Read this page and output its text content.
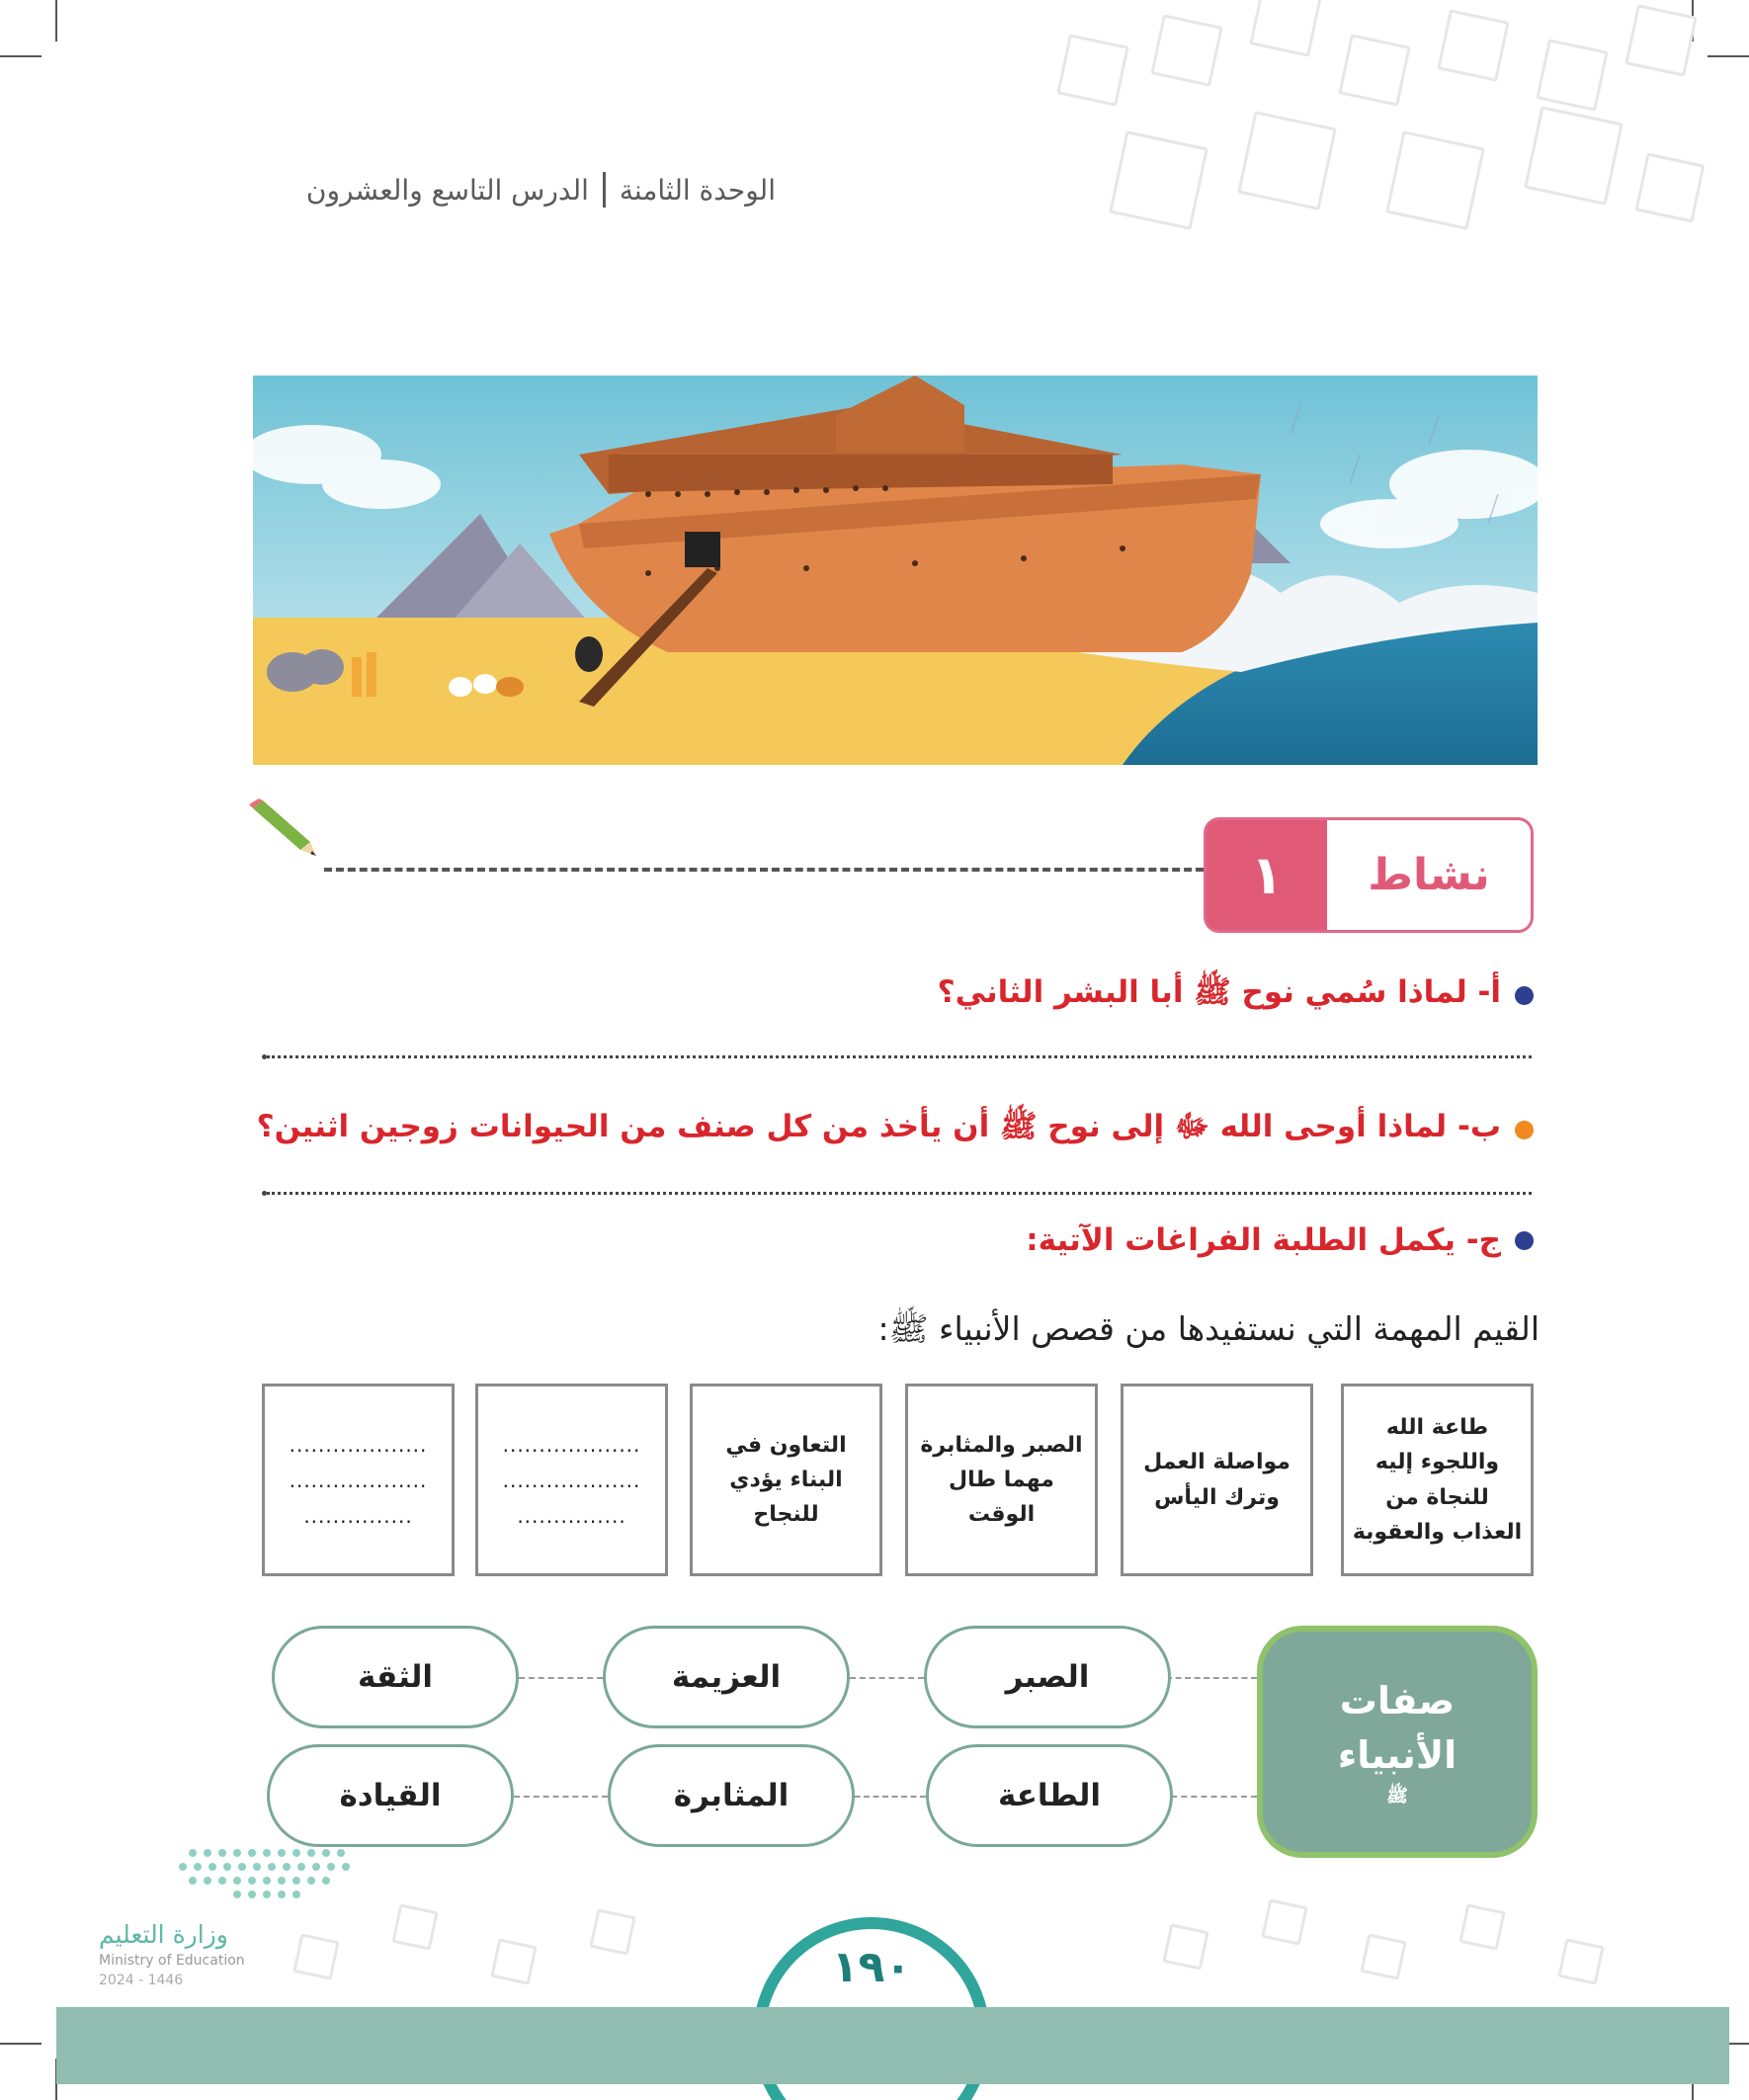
الوحدة الثامنة
الدرس التاسع والعشرون
١	نشاط
أ- لماذا سُمي نوح ﷺ أبا البشر الثاني؟
ب- لماذا أوحى الله ﷻ إلى نوح ﷺ أن يأخذ من كل صنف من الحيوانات زوجين اثنين؟
ج- يكمل الطلبة الفراغات الآتية:
القيم المهمة التي نستفيدها من قصص الأنبياء ﷺ:
طاعة الله واللجوء إليه للنجاة من العذاب والعقوبة
مواصلة العمل وترك اليأس
الصبر والمثابرة مهما طال الوقت
التعاون في البناء يؤدي للنجاح
...................
...................
...............
...................
...................
...............
صفات
الأنبياء
ﷺ
الصبر
العزيمة
الثقة
الطاعة
المثابرة
القيادة
وزارة التعليم
Ministry of Education
2024 - 1446	١٩٠
